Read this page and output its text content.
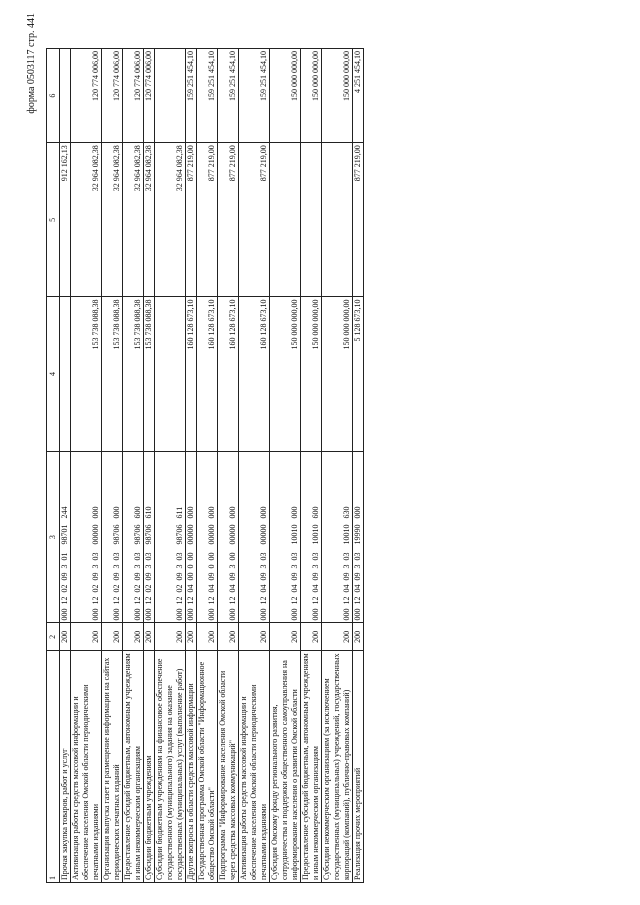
форма 0503117 стр. 441
1	2	3	4	5	6
Прочая закупка товаров, работ и услуг	200	000  12  02  09  3  01    98701   244		912 162,13	
Активизация работы средств массовой информации и обеспечение населения Омской области периодическими печатными изданиями	200	000  12  02  09  3  03    00000   000	153 738 088,38	32 964 082,38	120 774 006,00
Организация выпуска газет и размещение информации на сайтах периодических печатных изданий	200	000  12  02  09  3  03    98706   000	153 738 088,38	32 964 082,38	120 774 006,00
Предоставление субсидий бюджетным, автономным учреждениям и иным некоммерческим организациям	200	000  12  02  09  3  03    98706   600	153 738 088,38	32 964 082,38	120 774 006,00
Субсидии бюджетным учреждениям	200	000  12  02  09  3  03    98706   610	153 738 088,38	32 964 082,38	120 774 006,00
Субсидии бюджетным учреждениям на финансовое обеспечение государственного (муниципального) задания на оказание государственных (муниципальных) услуг (выполнение работ)	200	000  12  02  09  3  03    98706   611		32 964 082,38	
Другие вопросы в области средств массовой информации	200	000  12  04  00  0  00    00000   000	160 128 673,10	877 219,00	159 251 454,10
Государственная программа Омской области "Информационное общество Омской области"	200	000  12  04  09  0  00    00000   000	160 128 673,10	877 219,00	159 251 454,10
Подпрограмма "Информирование населения Омской области через средства массовых коммуникаций"	200	000  12  04  09  3  00    00000   000	160 128 673,10	877 219,00	159 251 454,10
Активизация работы средств массовой информации и обеспечение населения Омской области периодическими печатными изданиями	200	000  12  04  09  3  03    00000   000	160 128 673,10	877 219,00	159 251 454,10
Субсидия Омскому фонду регионального развития, сотрудничества и поддержки общественного самоуправления на информирование населения о развитии Омской области	200	000  12  04  09  3  03    10010   000	150 000 000,00		150 000 000,00
Предоставление субсидий бюджетным, автономным учреждениям и иным некоммерческим организациям	200	000  12  04  09  3  03    10010   600	150 000 000,00		150 000 000,00
Субсидии некоммерческим организациям (за исключением государственных (муниципальных) учреждений, государственных корпораций (компаний), публично-правовых компаний)	200	000  12  04  09  3  03    10010   630	150 000 000,00		150 000 000,00
Реализация прочих мероприятий	200	000  12  04  09  3  03    19990   000	5 128 673,10	877 219,00	4 251 454,10
